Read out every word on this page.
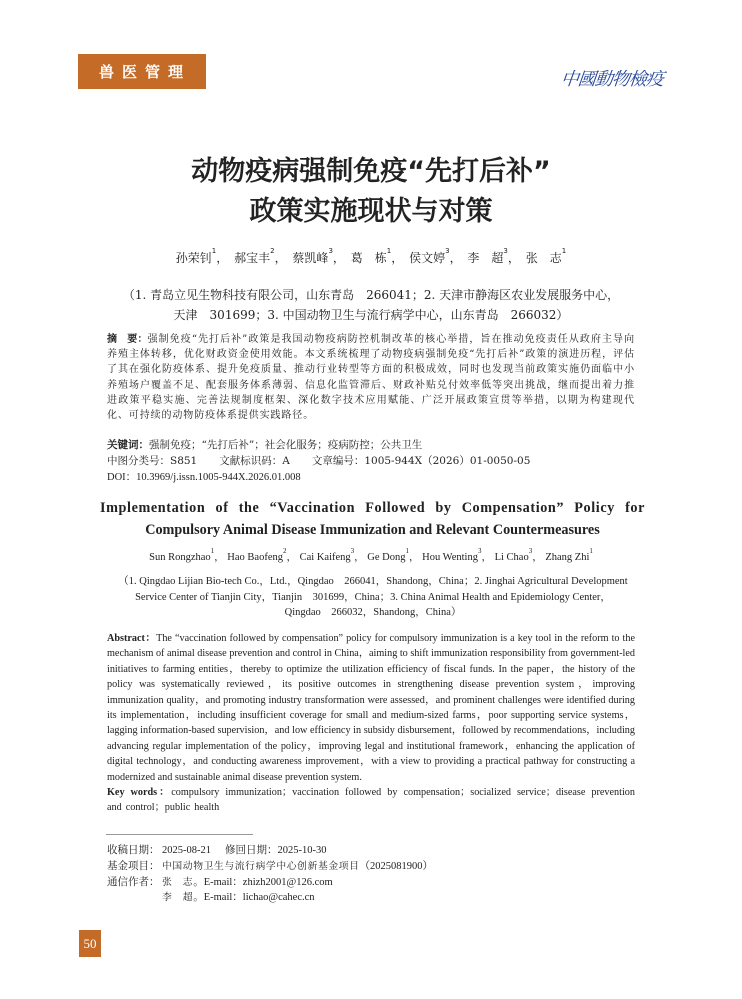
兽医管理	中國動物檢疫
动物疫病强制免疫“先打后补”
政策实施现状与对策
孙荣钊$^1$， 郝宝丰$^2$， 蔡凯峰$^3$， 葛　栋$^1$， 侯文婷$^3$， 李　超$^3$， 张　志$^1$
（1. 青岛立见生物科技有限公司，山东青岛　266041；2. 天津市静海区农业发展服务中心，
天津　301699；3. 中国动物卫生与流行病学中心，山东青岛　266032）
摘　要：强制免疫“先打后补”政策是我国动物疫病防控机制改革的核心举措，旨在推动免疫责任从政府主导向养殖主体转移，优化财政资金使用效能。本文系统梳理了动物疫病强制免疫“先打后补”政策的演进历程，评估了其在强化防疫体系、提升免疫质量、推动行业转型等方面的积极成效，同时也发现当前政策实施仍面临中小养殖场户覆盖不足、配套服务体系薄弱、信息化监管滞后、财政补贴兑付效率低等突出挑战，继而提出着力推进政策平稳实施、完善法规制度框架、深化数字技术应用赋能、广泛开展政策宣贯等举措，以期为构建现代化、可持续的动物防疫体系提供实践路径。
关键词：强制免疫；“先打后补”；社会化服务；疫病防控；公共卫生
中图分类号：S851 文献标识码：A 文章编号：1005-944X（2026）01-0050-05
DOI：10.3969/j.issn.1005-944X.2026.01.008
Implementation of the “Vaccination Followed by Compensation” Policy for
Compulsory Animal Disease Immunization and Relevant Countermeasures
Sun Rongzhao$^1$， Hao Baofeng$^2$， Cai Kaifeng$^3$， Ge Dong$^1$， Hou Wenting$^3$， Li Chao$^3$， Zhang Zhi$^1$
（1. Qingdao Lijian Bio-tech Co.，Ltd.，Qingdao　266041，Shandong，China；2. Jinghai Agricultural Development
Service Center of Tianjin City，Tianjin　301699，China；3. China Animal Health and Epidemiology Center，
Qingdao　266032，Shandong，China）
Abstract：The “vaccination followed by compensation” policy for compulsory immunization is a key tool in the reform to the mechanism of animal disease prevention and control in China，aiming to shift immunization responsibility from government-led initiatives to farming entities，thereby to optimize the utilization efficiency of fiscal funds. In the paper，the history of the policy was systematically reviewed，its positive outcomes in strengthening disease prevention system，improving immunization quality，and promoting industry transformation were assessed，and prominent challenges were identified during its implementation，including insufficient coverage for small and medium-sized farms，poor supporting service systems，lagging information-based supervision，and low efficiency in subsidy disbursement，followed by recommendations，including advancing regular implementation of the policy，improving legal and institutional framework，enhancing the application of digital technology，and conducting awareness improvement，with a view to providing a practical pathway for constructing a modernized and sustainable animal disease prevention system.
Key words：compulsory immunization；vaccination followed by compensation；socialized service；disease prevention and control；public health
收稿日期： 2025-08-21 修回日期：2025-10-30
基金项目： 中国动物卫生与流行病学中心创新基金项目（2025081900）
通信作者： 张　志。E-mail：zhizh2001@126.com
李　超。E-mail：lichao@cahec.cn
50
